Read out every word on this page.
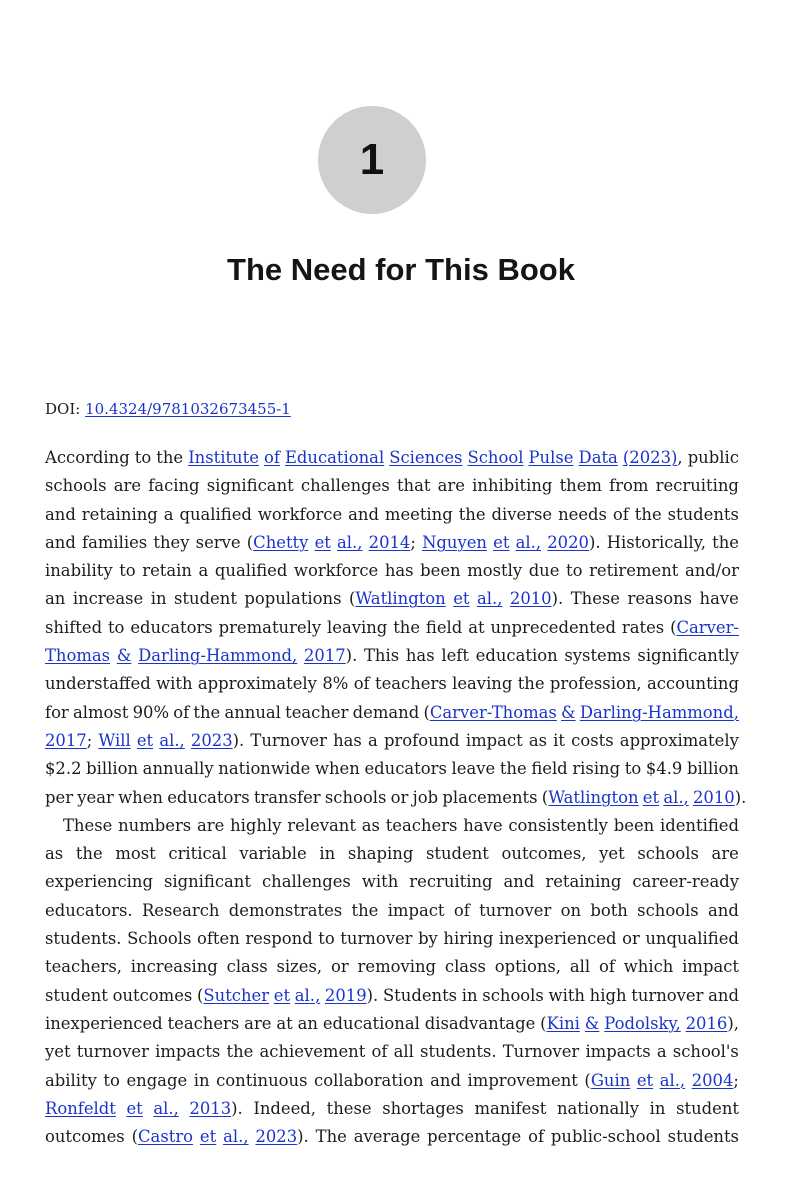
1
The Need for This Book
DOI: 10.4324/9781032673455-1
According to the Institute of Educational Sciences School Pulse Data (2023), public
schools are facing significant challenges that are inhibiting them from recruiting
and retaining a qualified workforce and meeting the diverse needs of the students
and families they serve (Chetty et al., 2014; Nguyen et al., 2020). Historically, the
inability to retain a qualified workforce has been mostly due to retirement and/or
an increase in student populations (Watlington et al., 2010). These reasons have
shifted to educators prematurely leaving the field at unprecedented rates (Carver-
Thomas & Darling-Hammond, 2017). This has left education systems significantly
understaffed with approximately 8% of teachers leaving the profession, accounting
for almost 90% of the annual teacher demand (Carver-Thomas & Darling-Hammond,
2017; Will et al., 2023). Turnover has a profound impact as it costs approximately
$2.2 billion annually nationwide when educators leave the field rising to $4.9 billion
per year when educators transfer schools or job placements (Watlington et al., 2010).
These numbers are highly relevant as teachers have consistently been identified
as the most critical variable in shaping student outcomes, yet schools are
experiencing significant challenges with recruiting and retaining career-ready
educators. Research demonstrates the impact of turnover on both schools and
students. Schools often respond to turnover by hiring inexperienced or unqualified
teachers, increasing class sizes, or removing class options, all of which impact
student outcomes (Sutcher et al., 2019). Students in schools with high turnover and
inexperienced teachers are at an educational disadvantage (Kini & Podolsky, 2016),
yet turnover impacts the achievement of all students. Turnover impacts a school's
ability to engage in continuous collaboration and improvement (Guin et al., 2004;
Ronfeldt et al., 2013). Indeed, these shortages manifest nationally in student
outcomes (Castro et al., 2023). The average percentage of public-school students
